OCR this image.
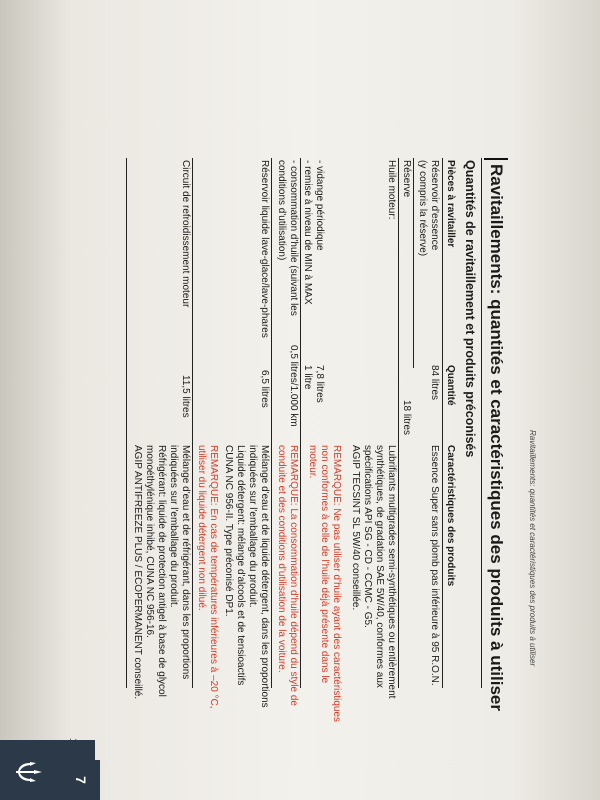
Ravitaillements: quantités et caractéristiques des produits à utiliser
Quantités de ravitaillement et produits préconisés
Ravitaillements: quantités et caractéristiques des produits à utiliser
Pièces à ravitailler
Quantité
Caractéristiques des produits
Réservoir d'essence
(y compris la réserve)
84 litres
Essence Super sans plomb pas inférieure à 95 R.O.N.
Réserve
18 litres
Huile moteur:
- vidange périodique
- remise à niveau de MIN à MAX
7,8 litres
1 litre
Lubrifiants multigrades semi-synthétiques ou entièrement
synthétiques, de gradation SAE 5W/40, conformes aux
spécifications API SG - CD - CCMC - G5.
AGIP TECSINT SL 5W/40 conseillée.
REMARQUE: Ne pas utiliser d'huile ayant des caractéristiques
non conformes à celle de l'huile déjà présente dans le
moteur.
- consommation d'huile (suivant les
conditions d'utilisation)
0,5 litres/1.000 km
REMARQUE: La consommation d'huile dépend du style de
conduite et des conditions d'utilisation de la voiture.
Réservoir liquide lave-glace/lave-phares
6,5 litres
Mélange d'eau et de liquide détergent, dans les proportions
indiquées sur l'emballage du produit.
Liquide détergent: mélange d'alcools et de tensioactifs
CUNA NC 956-II. Type préconisé DP1.
REMARQUE: En cas de températures inférieures à –20 °C,
utiliser du liquide détergent non dilué.
Circuit de refroidissement moteur
11,5 litres
Mélange d'eau et de réfrigérant, dans les proportions
indiquées sur l'emballage du produit.
Réfrigérant: liquide de protection antigel à base de glycol
monoéthylénique inhibé, CUNA NC 956-16.
AGIP ANTIFREEZE PLUS / ECOPERMANENT conseillé.
7
